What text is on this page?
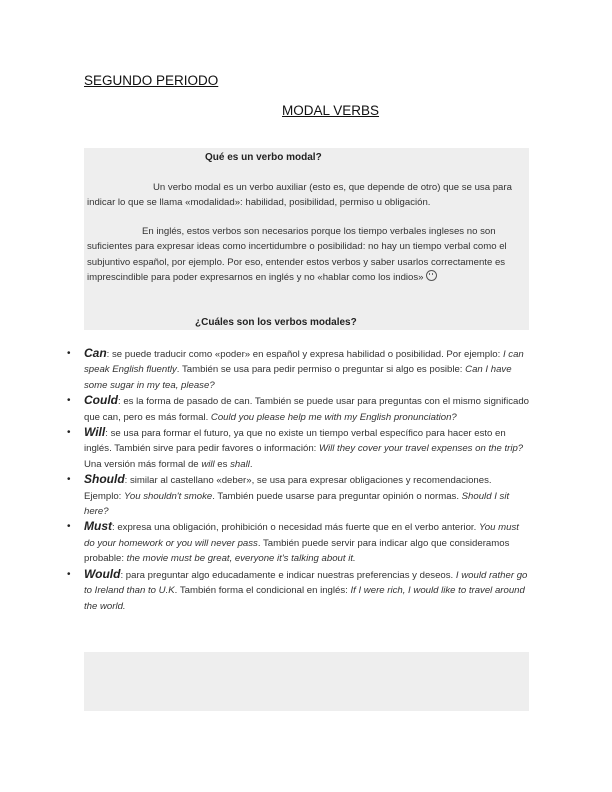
SEGUNDO PERIODO
MODAL VERBS
Qué es un verbo modal?
Un verbo modal es un verbo auxiliar (esto es, que depende de otro) que se usa para indicar lo que se llama «modalidad»: habilidad, posibilidad, permiso u obligación.
En inglés, estos verbos son necesarios porque los tiempo verbales ingleses no son suficientes para expresar ideas como incertidumbre o posibilidad: no hay un tiempo verbal como el subjuntivo español, por ejemplo. Por eso, entender estos verbos y saber usarlos correctamente es imprescindible para poder expresarnos en inglés y no «hablar como los indios»
¿Cuáles son los verbos modales?
• Can: se puede traducir como «poder» en español y expresa habilidad o posibilidad. Por ejemplo: I can speak English fluently. También se usa para pedir permiso o preguntar si algo es posible: Can I have some sugar in my tea, please?
• Could: es la forma de pasado de can. También se puede usar para preguntas con el mismo significado que can, pero es más formal. Could you please help me with my English pronunciation?
• Will: se usa para formar el futuro, ya que no existe un tiempo verbal específico para hacer esto en inglés. También sirve para pedir favores o información: Will they cover your travel expenses on the trip? Una versión más formal de will es shall.
• Should: similar al castellano «deber», se usa para expresar obligaciones y recomendaciones. Ejemplo: You shouldn't smoke. También puede usarse para preguntar opinión o normas. Should I sit here?
• Must: expresa una obligación, prohibición o necesidad más fuerte que en el verbo anterior. You must do your homework or you will never pass. También puede servir para indicar algo que consideramos probable: the movie must be great, everyone it's talking about it.
• Would: para preguntar algo educadamente e indicar nuestras preferencias y deseos. I would rather go to Ireland than to U.K. También forma el condicional en inglés: If I were rich, I would like to travel around the world.
